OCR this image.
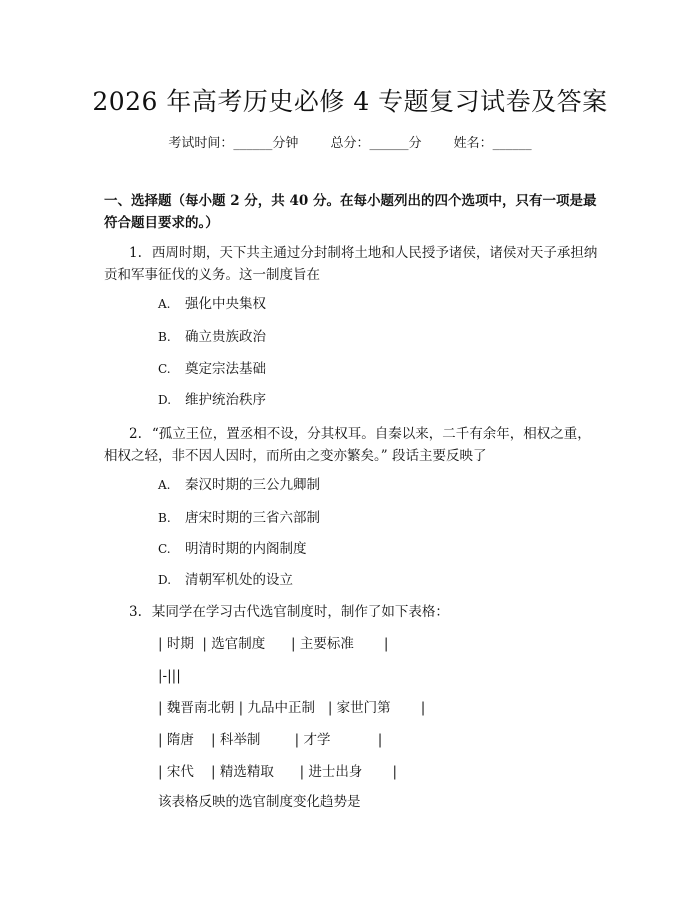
2026 年高考历史必修 4 专题复习试卷及答案
考试时间：______分钟 总分：______分 姓名：______
一、选择题（每小题 2 分，共 40 分。在每小题列出的四个选项中，只有一项是最符合题目要求的。）
1. 西周时期，天下共主通过分封制将土地和人民授予诸侯，诸侯对天子承担纳贡和军事征伐的义务。这一制度旨在
A. 强化中央集权
B. 确立贵族政治
C. 奠定宗法基础
D. 维护统治秩序
2. “孤立王位，置丞相不设，分其权耳。自秦以来，二千有余年，相权之重，相权之轻，非不因人因时，而所由之变亦繁矣。” 段话主要反映了
A. 秦汉时期的三公九卿制
B. 唐宋时期的三省六部制
C. 明清时期的内阁制度
D. 清朝军机处的设立
3. 某同学在学习古代选官制度时，制作了如下表格：
| 时期  | 选官制度      | 主要标准       |
|-|||
| 魏晋南北朝 | 九品中正制   | 家世门第       |
| 隋唐    | 科举制        | 才学           |
| 宋代    | 精选精取      | 进士出身       |
该表格反映的选官制度变化趋势是
